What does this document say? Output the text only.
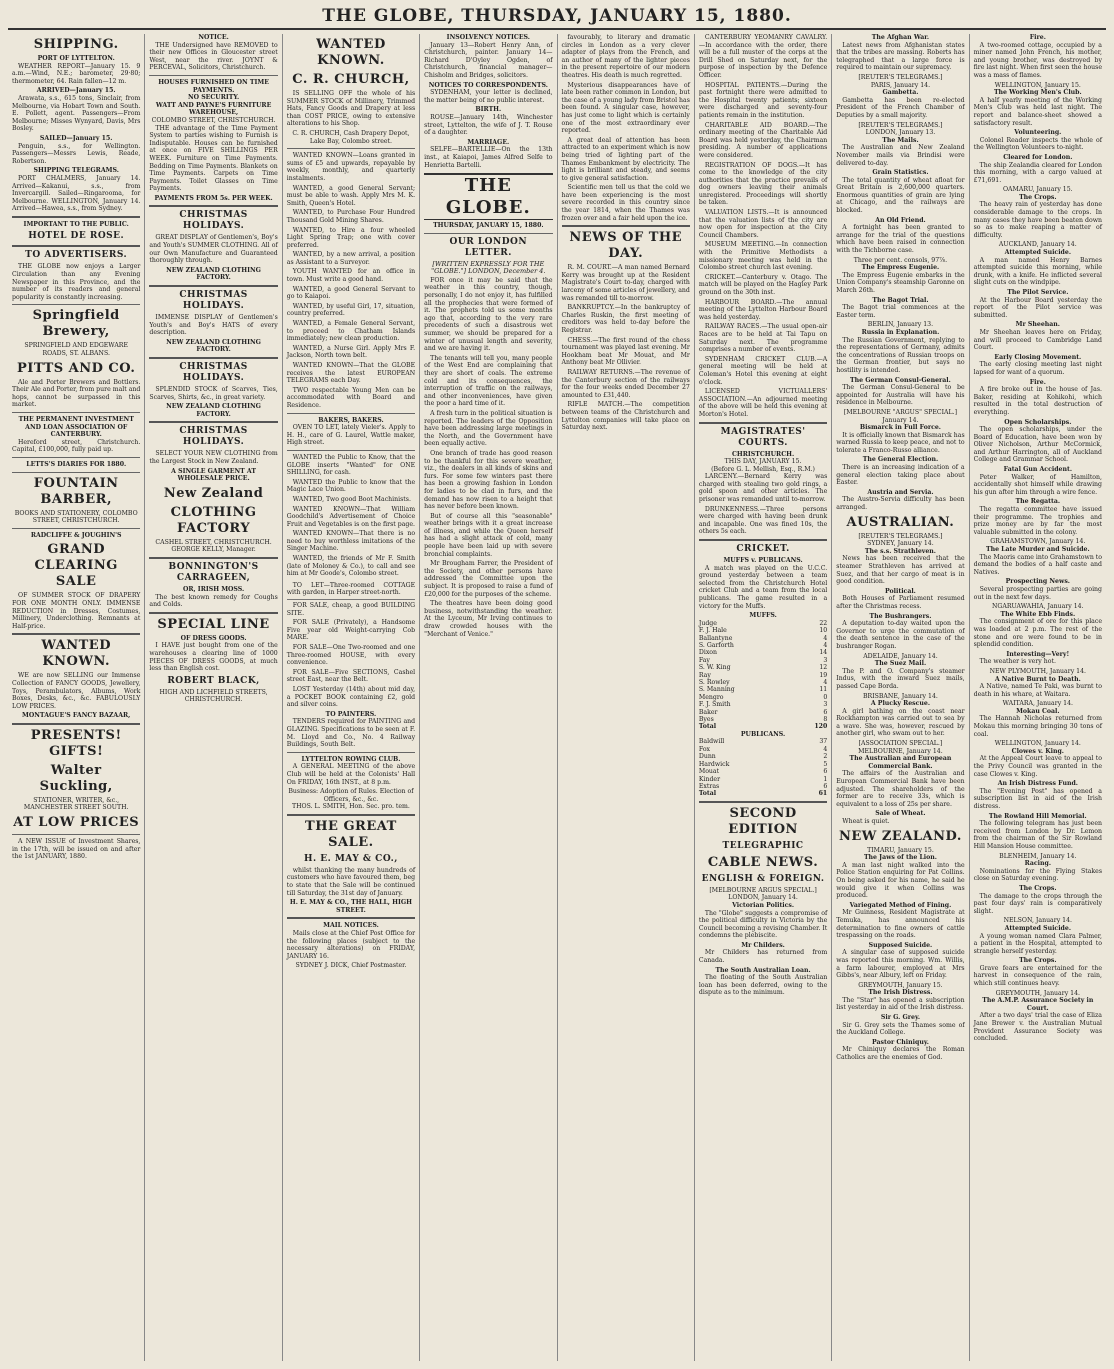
THE GLOBE, THURSDAY, JANUARY 15, 1880.
SHIPPING.
PORT OF LYTTELTON.
WEATHER REPORT—January 15. 9 a.m.—Wind, N.E.; barometer, 29·80; thermometer, 64. Rain fallen—12 m.
ARRIVED—January 15.
Arawata, s.s., 615 tons, Sinclair, from Melbourne, via Hobart Town and South. E. Pollett, agent. Passengers—From Melbourne; Misses Wynyard, Davis, Mrs Bosley.
SAILED—January 15.
Penguin, s.s., for Wellington. Passengers—Messrs Lewis, Reade, Robertson.
SHIPPING TELEGRAMS.
PORT CHALMERS, January 14. Arrived—Kakanui, s.s., from Invercargill. Sailed—Ringarooma, for Melbourne. WELLINGTON, January 14. Arrived—Hawea, s.s., from Sydney.
IMPORTANT TO THE PUBLIC.
HOTEL DE ROSE.
TO ADVERTISERS.
THE GLOBE now enjoys a Larger Circulation than any Evening Newspaper in this Province, and the number of its readers and general popularity is constantly increasing.
Springfield Brewery,
SPRINGFIELD AND EDGEWARE ROADS, ST. ALBANS.
PITTS AND CO.
Ale and Porter Brewers and Bottlers. Their Ale and Porter, from pure malt and hops, cannot be surpassed in this market.
THE PERMANENT INVESTMENT AND LOAN ASSOCIATION OF CANTERBURY.
Hereford street, Christchurch. Capital, £100,000, fully paid up.
LETTS'S DIARIES FOR 1880.
FOUNTAIN BARBER,
BOOKS AND STATIONERY, COLOMBO STREET, CHRISTCHURCH.
RADCLIFFE & JOUGHIN'S
GRAND CLEARING SALE
OF SUMMER STOCK OF DRAPERY FOR ONE MONTH ONLY. IMMENSE REDUCTION in Dresses, Costumes, Millinery, Underclothing. Remnants at Half-price.
WANTED KNOWN.
WE are now SELLING our Immense Collection of FANCY GOODS, Jewellery, Toys, Perambulators, Albums, Work Boxes, Desks, &c., &c. FABULOUSLY LOW PRICES.
MONTAGUE'S FANCY BAZAAR,
PRESENTS! GIFTS!
Walter Suckling,
STATIONER, WRITER, &c., MANCHESTER STREET SOUTH.
AT LOW PRICES
A NEW ISSUE of Investment Shares, in the 17th, will be issued on and after the 1st JANUARY, 1880.
NOTICE.
THE Undersigned have REMOVED to their new Offices in Gloucester street West, near the river. JOYNT & PERCEVAL, Solicitors, Christchurch.
HOUSES FURNISHED ON TIME PAYMENTS.
NO SECURITY.
WATT AND PAYNE'S FURNITURE WAREHOUSE,
COLOMBO STREET, CHRISTCHURCH.
THE advantage of the Time Payment System to parties wishing to Furnish is Indisputable. Houses can be furnished at once on FIVE SHILLINGS PER WEEK. Furniture on Time Payments. Bedding on Time Payments. Blankets on Time Payments. Carpets on Time Payments. Toilet Glasses on Time Payments.
PAYMENTS FROM 5s. PER WEEK.
CHRISTMAS HOLIDAYS.
GREAT DISPLAY of Gentlemen's, Boy's and Youth's SUMMER CLOTHING. All of our Own Manufacture and Guaranteed thoroughly through.
NEW ZEALAND CLOTHING FACTORY.
CHRISTMAS HOLIDAYS.
IMMENSE DISPLAY of Gentlemen's Youth's and Boy's HATS of every description.
NEW ZEALAND CLOTHING FACTORY.
CHRISTMAS HOLIDAYS.
SPLENDID STOCK of Scarves, Ties, Scarves, Shirts, &c., in great variety.
NEW ZEALAND CLOTHING FACTORY.
CHRISTMAS HOLIDAYS.
SELECT YOUR NEW CLOTHING from the Largest Stock in New Zealand.
A SINGLE GARMENT AT WHOLESALE PRICE.
New Zealand
CLOTHING FACTORY
CASHEL STREET, CHRISTCHURCH.
GEORGE KELLY, Manager.
BONNINGTON'S CARRAGEEN,
OR, IRISH MOSS.
The best known remedy for Coughs and Colds.
SPECIAL LINE
OF DRESS GOODS.
I HAVE just bought from one of the warehouses a clearing line of 1000 PIECES OF DRESS GOODS, at much less than English cost.
ROBERT BLACK,
HIGH AND LICHFIELD STREETS, CHRISTCHURCH.
WANTED KNOWN.
C. R. CHURCH,
IS SELLING OFF the whole of his SUMMER STOCK of Millinery, Trimmed Hats, Fancy Goods and Drapery at less than COST PRICE, owing to extensive alterations to his Shop.
C. R. CHURCH, Cash Drapery Depot, Lake Bay, Colombo street.
WANTED KNOWN—Loans granted in sums of £5 and upwards, repayable by weekly, monthly, and quarterly instalments.
WANTED, a good General Servant; must be able to wash. Apply Mrs M. K. Smith, Queen's Hotel.
WANTED, to Purchase Four Hundred Thousand Gold Mining Shares.
WANTED, to Hire a four wheeled Light Spring Trap; one with cover preferred.
WANTED, by a new arrival, a position as Assistant to a Surveyor.
YOUTH WANTED for an office in town. Must write a good hand.
WANTED, a good General Servant to go to Kaiapoi.
WANTED, by useful Girl, 17, situation, country preferred.
WANTED, a Female General Servant, to proceed to Chatham Islands immediately; new clean production.
WANTED, a Nurse Girl. Apply Mrs F. Jackson, North town belt.
WANTED KNOWN—That the GLOBE receives the latest EUROPEAN TELEGRAMS each Day.
TWO respectable Young Men can be accommodated with Board and Residence.
BAKERS, BAKERS.
OVEN TO LET, lately Vieler's. Apply to H. H., care of G. Laurel, Wattle maker, High street.
WANTED the Public to Know, that the GLOBE inserts "Wanted" for ONE SHILLING, for cash.
WANTED the Public to know that the Magic Lace Union.
WANTED, Two good Boot Machinists.
WANTED KNOWN—That William Goodchild's Advertisement of Choice Fruit and Vegetables is on the first page.
WANTED KNOWN—That there is no need to buy worthless imitations of the Singer Machine.
WANTED, the friends of Mr F. Smith (late of Moloney & Co.), to call and see him at Mr Goode's, Colombo street.
TO LET—Three-roomed COTTAGE with garden, in Harper street-north.
FOR SALE, cheap, a good BUILDING SITE.
FOR SALE (Privately), a Handsome Five year old Weight-carrying Cob MARE.
FOR SALE—One Two-roomed and one Three-roomed HOUSE, with every convenience.
FOR SALE—Five SECTIONS, Cashel street East, near the Belt.
LOST Yesterday (14th) about mid day, a POCKET BOOK containing £2, gold and silver coins.
TO PAINTERS.
TENDERS required for PAINTING and GLAZING. Specifications to be seen at F. M. Lloyd and Co., No. 4 Railway Buildings, South Belt.
LYTTELTON ROWING CLUB.
A GENERAL MEETING of the above Club will be held at the Colonists' Hall On FRIDAY, 16th INST., at 8 p.m.
Business: Adoption of Rules. Election of Officers, &c., &c.
THOS. L. SMITH, Hon. Sec. pro. tem.
THE GREAT SALE.
H. E. MAY & CO.,
whilst thanking the many hundreds of customers who have favoured them, beg to state that the Sale will be continued till Saturday, the 31st day of January.
H. E. MAY & CO., THE HALL, HIGH STREET.
MAIL NOTICES.
Mails close at the Chief Post Office for the following places (subject to the necessary alterations) on FRIDAY, JANUARY 16.
SYDNEY J. DICK, Chief Postmaster.
INSOLVENCY NOTICES.
January 13—Robert Henry Ann, of Christchurch, painter. January 14—Richard D'Oyley Ogden, of Christchurch, financial manager—Chisholm and Bridges, solicitors.
NOTICES TO CORRESPONDENTS.
SYDENHAM, your letter is declined, the matter being of no public interest.
BIRTH.
ROUSE—January 14th, Winchester street, Lyttelton, the wife of J. T. Rouse of a daughter.
MARRIAGE.
SELFE—BARTELLIE—On the 13th inst., at Kaiapoi, James Alfred Selfe to Henrietta Bartelli.
THE GLOBE.
THURSDAY, JANUARY 15, 1880.
OUR LONDON LETTER.
[WRITTEN EXPRESSLY FOR THE "GLOBE."] LONDON, December 4.
FOR once it may be said that the weather in this country, though, personally, I do not enjoy it, has fulfilled all the prophecies that were formed of it. The prophets told us some months ago that, according to the very rare precedents of such a disastrous wet summer, we should be prepared for a winter of unusual length and severity, and we are having it.
The tenants will tell you, many people of the West End are complaining that they are short of coals. The extreme cold and its consequences, the interruption of traffic on the railways, and other inconveniences, have given the poor a hard time of it.
A fresh turn in the political situation is reported. The leaders of the Opposition have been addressing large meetings in the North, and the Government have been equally active.
One branch of trade has good reason to be thankful for this severe weather, viz., the dealers in all kinds of skins and furs. For some few winters past there has been a growing fashion in London for ladies to be clad in furs, and the demand has now risen to a height that has never before been known.
But of course all this "seasonable" weather brings with it a great increase of illness, and while the Queen herself has had a slight attack of cold, many people have been laid up with severe bronchial complaints.
Mr Brougham Farrer, the President of the Society, and other persons have addressed the Committee upon the subject. It is proposed to raise a fund of £20,000 for the purposes of the scheme.
The theatres have been doing good business, notwithstanding the weather. At the Lyceum, Mr Irving continues to draw crowded houses with the "Merchant of Venice."
favourably, to literary and dramatic circles in London as a very clever adapter of plays from the French, and an author of many of the lighter pieces in the present repertoire of our modern theatres. His death is much regretted.
Mysterious disappearances have of late been rather common in London, but the case of a young lady from Bristol has been found. A singular case, however, has just come to light which is certainly one of the most extraordinary ever reported.
A great deal of attention has been attracted to an experiment which is now being tried of lighting part of the Thames Embankment by electricity. The light is brilliant and steady, and seems to give general satisfaction.
Scientific men tell us that the cold we have been experiencing is the most severe recorded in this country since the year 1814, when the Thames was frozen over and a fair held upon the ice.
NEWS OF THE DAY.
R. M. COURT.—A man named Bernard Kerry was brought up at the Resident Magistrate's Court to-day, charged with larceny of some articles of jewellery, and was remanded till to-morrow.
BANKRUPTCY.—In the bankruptcy of Charles Ruskin, the first meeting of creditors was held to-day before the Registrar.
CHESS.—The first round of the chess tournament was played last evening. Mr Hookham beat Mr Mouat, and Mr Anthony beat Mr Ollivier.
RAILWAY RETURNS.—The revenue of the Canterbury section of the railways for the four weeks ended December 27 amounted to £31,440.
RIFLE MATCH.—The competition between teams of the Christchurch and Lyttelton companies will take place on Saturday next.
CANTERBURY YEOMANRY CAVALRY.—In accordance with the order, there will be a full muster of the corps at the Drill Shed on Saturday next, for the purpose of inspection by the Defence Officer.
HOSPITAL PATIENTS.—During the past fortnight there were admitted to the Hospital twenty patients; sixteen were discharged and seventy-four patients remain in the institution.
CHARITABLE AID BOARD.—The ordinary meeting of the Charitable Aid Board was held yesterday, the Chairman presiding. A number of applications were considered.
REGISTRATION OF DOGS.—It has come to the knowledge of the city authorities that the practice prevails of dog owners leaving their animals unregistered. Proceedings will shortly be taken.
VALUATION LISTS.—It is announced that the valuation lists of the city are now open for inspection at the City Council Chambers.
MUSEUM MEETING.—In connection with the Primitive Methodists a missionary meeting was held in the Colombo street church last evening.
CRICKET.—Canterbury v. Otago. The match will be played on the Hagley Park ground on the 30th inst.
HARBOUR BOARD.—The annual meeting of the Lyttelton Harbour Board was held yesterday.
RAILWAY RACES.—The usual open-air Races are to be held at Tai Tapu on Saturday next. The programme comprises a number of events.
SYDENHAM CRICKET CLUB.—A general meeting will be held at Coleman's Hotel this evening at eight o'clock.
LICENSED VICTUALLERS' ASSOCIATION.—An adjourned meeting of the above will be held this evening at Morton's Hotel.
MAGISTRATES' COURTS.
CHRISTCHURCH.
THIS DAY, JANUARY 15.
(Before G. L. Mellish, Esq., R.M.)
LARCENY.—Bernard Kerry was charged with stealing two gold rings, a gold spoon and other articles. The prisoner was remanded until to-morrow.
DRUNKENNESS.—Three persons were charged with having been drunk and incapable. One was fined 10s, the others 5s each.
CRICKET.
MUFFS v. PUBLICANS.
A match was played on the U.C.C. ground yesterday between a team selected from the Christchurch Hotel cricket Club and a team from the local publicans. The game resulted in a victory for the Muffs.
MUFFS.
Judge	22
F. J. Hale	10
Ballantyne	4
S. Garforth	4
Dixon	14
Fay	3
S. W. King	12
Ray	19
S. Rowley	4
S. Manning	11
Mengro	0
F. J. Smith	3
Baker	6
Byes	8
Total	120
PUBLICANS.
Baldwill	37
Fox	4
Dunn	2
Hardwick	5
Mouat	6
Kinder	1
Extras	6
Total	61
SECOND EDITION
TELEGRAPHIC
CABLE NEWS.
ENGLISH & FOREIGN.
[MELBOURNE ARGUS SPECIAL.]
LONDON, January 14.
Victorian Politics.
The "Globe" suggests a compromise of the political difficulty in Victoria by the Council becoming a revising Chamber. It condemns the plebiscite.
Mr Childers.
Mr Childers has returned from Canada.
The South Australian Loan.
The floating of the South Australian loan has been deferred, owing to the dispute as to the minimum.
The Afghan War.
Latest news from Afghanistan states that the tribes are massing. Roberts has telegraphed that a large force is required to maintain our supremacy.
[REUTER'S TELEGRAMS.]
PARIS, January 14.
Gambetta.
Gambetta has been re-elected President of the French Chamber of Deputies by a small majority.
[REUTER'S TELEGRAMS.]
LONDON, January 13.
The Mails.
The Australian and New Zealand November mails via Brindisi were delivered to-day.
Grain Statistics.
The total quantity of wheat afloat for Great Britain is 2,600,000 quarters. Enormous quantities of grain are lying at Chicago, and the railways are blocked.
An Old Friend.
A fortnight has been granted to arrange for the trial of the questions which have been raised in connection with the Tichborne case.
Three per cent. consols, 97⅞.
The Empress Eugenie.
The Empress Eugenie embarks in the Union Company's steamship Garonne on March 26th.
The Bagot Trial.
The Bagot trial commences at the Easter term.
BERLIN, January 13.
Russia in Explanation.
The Russian Government, replying to the representations of Germany, admits the concentrations of Russian troops on the German frontier, but says no hostility is intended.
The German Consul-General.
The German Consul-General to be appointed for Australia will have his residence in Melbourne.
[MELBOURNE "ARGUS" SPECIAL.]
January 14.
Bismarck in Full Force.
It is officially known that Bismarck has warned Russia to keep peace, and not to tolerate a Franco-Russo alliance.
The General Election.
There is an increasing indication of a general election taking place about Easter.
Austria and Servia.
The Austro-Servia difficulty has been arranged.
AUSTRALIAN.
[REUTER'S TELEGRAMS.]
SYDNEY, January 14.
The s.s. Strathleven.
News has been received that the steamer Strathleven has arrived at Suez, and that her cargo of meat is in good condition.
Political.
Both Houses of Parliament resumed after the Christmas recess.
The Bushrangers.
A deputation to-day waited upon the Governor to urge the commutation of the death sentence in the case of the bushranger Rogan.
ADELAIDE, January 14.
The Suez Mail.
The P. and O. Company's steamer Indus, with the inward Suez mails, passed Cape Borda.
BRISBANE, January 14.
A Plucky Rescue.
A girl bathing on the coast near Rockhampton was carried out to sea by a wave. She was, however, rescued by another girl, who swam out to her.
[ASSOCIATION SPECIAL.]
MELBOURNE, January 14.
The Australian and European Commercial Bank.
The affairs of the Australian and European Commercial Bank have been adjusted. The shareholders of the former are to receive 33s, which is equivalent to a loss of 25s per share.
Sale of Wheat.
Wheat is quiet.
NEW ZEALAND.
TIMARU, January 15.
The Jaws of the Lion.
A man last night walked into the Police Station enquiring for Pat Collins. On being asked for his name, he said he would give it when Collins was produced.
Variegated Method of Fining.
Mr Guinness, Resident Magistrate at Temuka, has announced his determination to fine owners of cattle trespassing on the roads.
Supposed Suicide.
A singular case of supposed suicide was reported this morning. Wm. Willis, a farm labourer, employed at Mrs Gibbs's, near Albury, left on Friday.
GREYMOUTH, January 15.
The Irish Distress.
The "Star" has opened a subscription list yesterday in aid of the Irish distress.
Sir G. Grey.
Sir G. Grey sets the Thames some of the Auckland College.
Pastor Chiniquy.
Mr Chiniquy declares the Roman Catholics are the enemies of God.
Fire.
A two-roomed cottage, occupied by a miner named John French, his mother, and young brother, was destroyed by fire last night. When first seen the house was a mass of flames.
WELLINGTON, January 15.
The Working Men's Club.
A half yearly meeting of the Working Men's Club was held last night. The report and balance-sheet showed a satisfactory result.
Volunteering.
Colonel Reader inspects the whole of the Wellington Volunteers to-night.
Cleared for London.
The ship Zealandia cleared for London this morning, with a cargo valued at £71,691.
OAMARU, January 15.
The Crops.
The heavy rain of yesterday has done considerable damage to the crops. In many cases they have been beaten down so as to make reaping a matter of difficulty.
AUCKLAND, January 14.
Attempted Suicide.
A man named Henry Barnes attempted suicide this morning, while drunk, with a knife. He inflicted several slight cuts on the windpipe.
The Pilot Service.
At the Harbour Board yesterday the report of the Pilot service was submitted.
Mr Sheehan.
Mr Sheehan leaves here on Friday, and will proceed to Cambridge Land Court.
Early Closing Movement.
The early closing meeting last night lapsed for want of a quorum.
Fire.
A fire broke out in the house of Jas. Baker, residing at Kohikohi, which resulted in the total destruction of everything.
Open Scholarships.
The open scholarships, under the Board of Education, have been won by Oliver Nicholson, Arthur McCormick, and Arthur Harrington, all of Auckland College and Grammar School.
Fatal Gun Accident.
Peter Walker, of Hamilton, accidentally shot himself while drawing his gun after him through a wire fence.
The Regatta.
The regatta committee have issued their programme. The trophies and prize money are by far the most valuable submitted in the colony.
GRAHAMSTOWN, January 14.
The Late Murder and Suicide.
The Maoris came into Grahamstown to demand the bodies of a half caste and Natives.
Prospecting News.
Several prospecting parties are going out in the next few days.
NGARUAWAHIA, January 14.
The White Ebb Finds.
The consignment of ore for this place was loaded at 2 p.m. The rest of the stone and ore were found to be in splendid condition.
Interesting—Very!
The weather is very hot.
NEW PLYMOUTH, January 14.
A Native Burnt to Death.
A Native, named Te Paki, was burnt to death in his whare, at Waitara.
WAITARA, January 14.
Mokau Coal.
The Hannah Nicholas returned from Mokau this morning bringing 30 tons of coal.
WELLINGTON, January 14.
Clowes v. King.
At the Appeal Court leave to appeal to the Privy Council was granted in the case Clowes v. King.
An Irish Distress Fund.
The "Evening Post" has opened a subscription list in aid of the Irish distress.
The Rowland Hill Memorial.
The following telegram has just been received from London by Dr. Lemon from the chairman of the Sir Rowland Hill Mansion House committee.
BLENHEIM, January 14.
Racing.
Nominations for the Flying Stakes close on Saturday evening.
The Crops.
The damage to the crops through the past four days' rain is comparatively slight.
NELSON, January 14.
Attempted Suicide.
A young woman named Clara Palmer, a patient in the Hospital, attempted to strangle herself yesterday.
The Crops.
Grave fears are entertained for the harvest in consequence of the rain, which still continues heavy.
GREYMOUTH, January 14.
The A.M.P. Assurance Society in Court.
After a two days' trial the case of Eliza Jane Brewer v. the Australian Mutual Provident Assurance Society was concluded.
